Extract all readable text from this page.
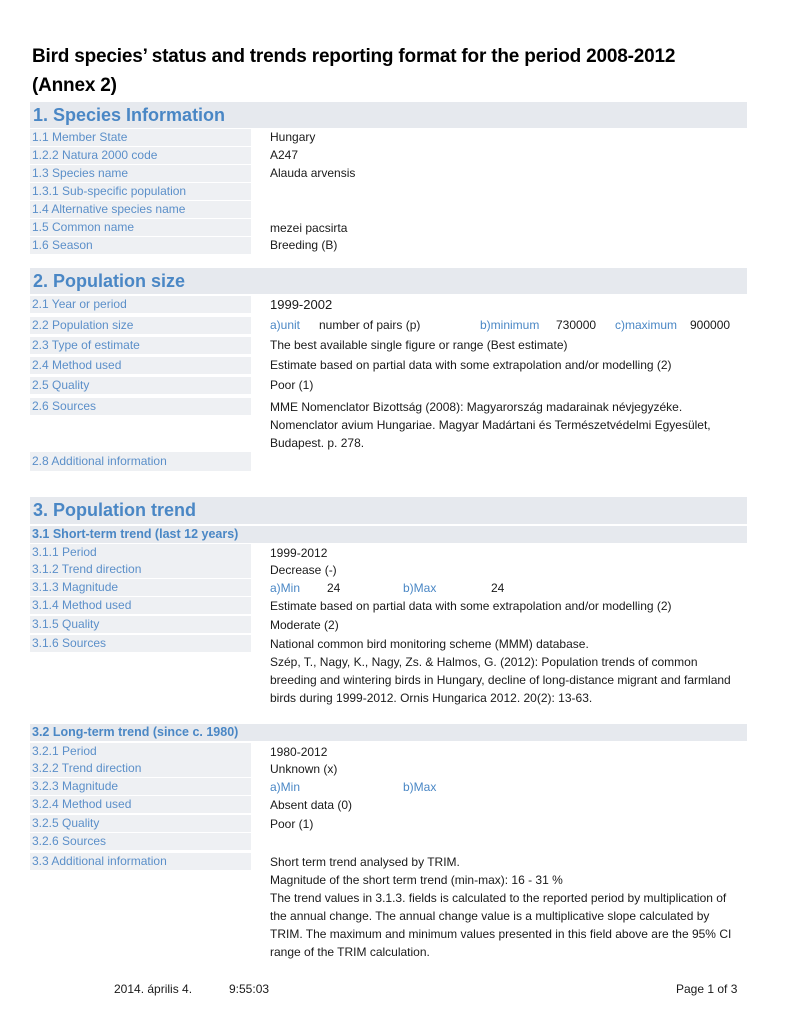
Bird species’ status and trends reporting format for the period 2008-2012
(Annex 2)
1. Species Information
1.1 Member State	Hungary
1.2.2 Natura 2000 code	A247
1.3 Species name	Alauda arvensis
1.3.1 Sub-specific population
1.4 Alternative species name
1.5 Common name	mezei pacsirta
1.6 Season	Breeding (B)
2. Population size
2.1 Year or period	1999-2002
2.2 Population size	a)unit number of pairs (p)	b)minimum 730000 c)maximum 900000
2.3 Type of estimate	The best available single figure or range (Best estimate)
2.4 Method used	Estimate based on partial data with some extrapolation and/or modelling (2)
2.5 Quality	Poor (1)
2.6 Sources	MME Nomenclator Bizottság (2008): Magyarország madarainak névjegyzéke. Nomenclator avium Hungariae. Magyar Madártani és Természetvédelmi Egyesület, Budapest. p. 278.
2.8 Additional information
3. Population trend
3.1 Short-term trend (last 12 years)
3.1.1 Period	1999-2012
3.1.2 Trend direction	Decrease (-)
3.1.3 Magnitude	a)Min 24	b)Max	24
3.1.4 Method used	Estimate based on partial data with some extrapolation and/or modelling (2)
3.1.5 Quality	Moderate (2)
3.1.6 Sources	National common bird monitoring scheme (MMM) database.
Szép, T., Nagy, K., Nagy, Zs. & Halmos, G. (2012): Population trends of common breeding and wintering birds in Hungary, decline of long-distance migrant and farmland birds during 1999-2012. Ornis Hungarica 2012. 20(2): 13-63.
3.2 Long-term trend (since c. 1980)
3.2.1 Period	1980-2012
3.2.2 Trend direction	Unknown (x)
3.2.3 Magnitude	a)Min	b)Max
3.2.4 Method used	Absent data (0)
3.2.5 Quality	Poor (1)
3.2.6 Sources
3.3 Additional information	Short term trend analysed by TRIM.
Magnitude of the short term trend (min-max): 16 - 31 %
The trend values in 3.1.3. fields is calculated to the reported period by multiplication of the annual change. The annual change value is a multiplicative slope calculated by TRIM. The maximum and minimum values presented in this field above are the 95% CI range of the TRIM calculation.
2014. április 4.	9:55:03	Page 1 of 3
